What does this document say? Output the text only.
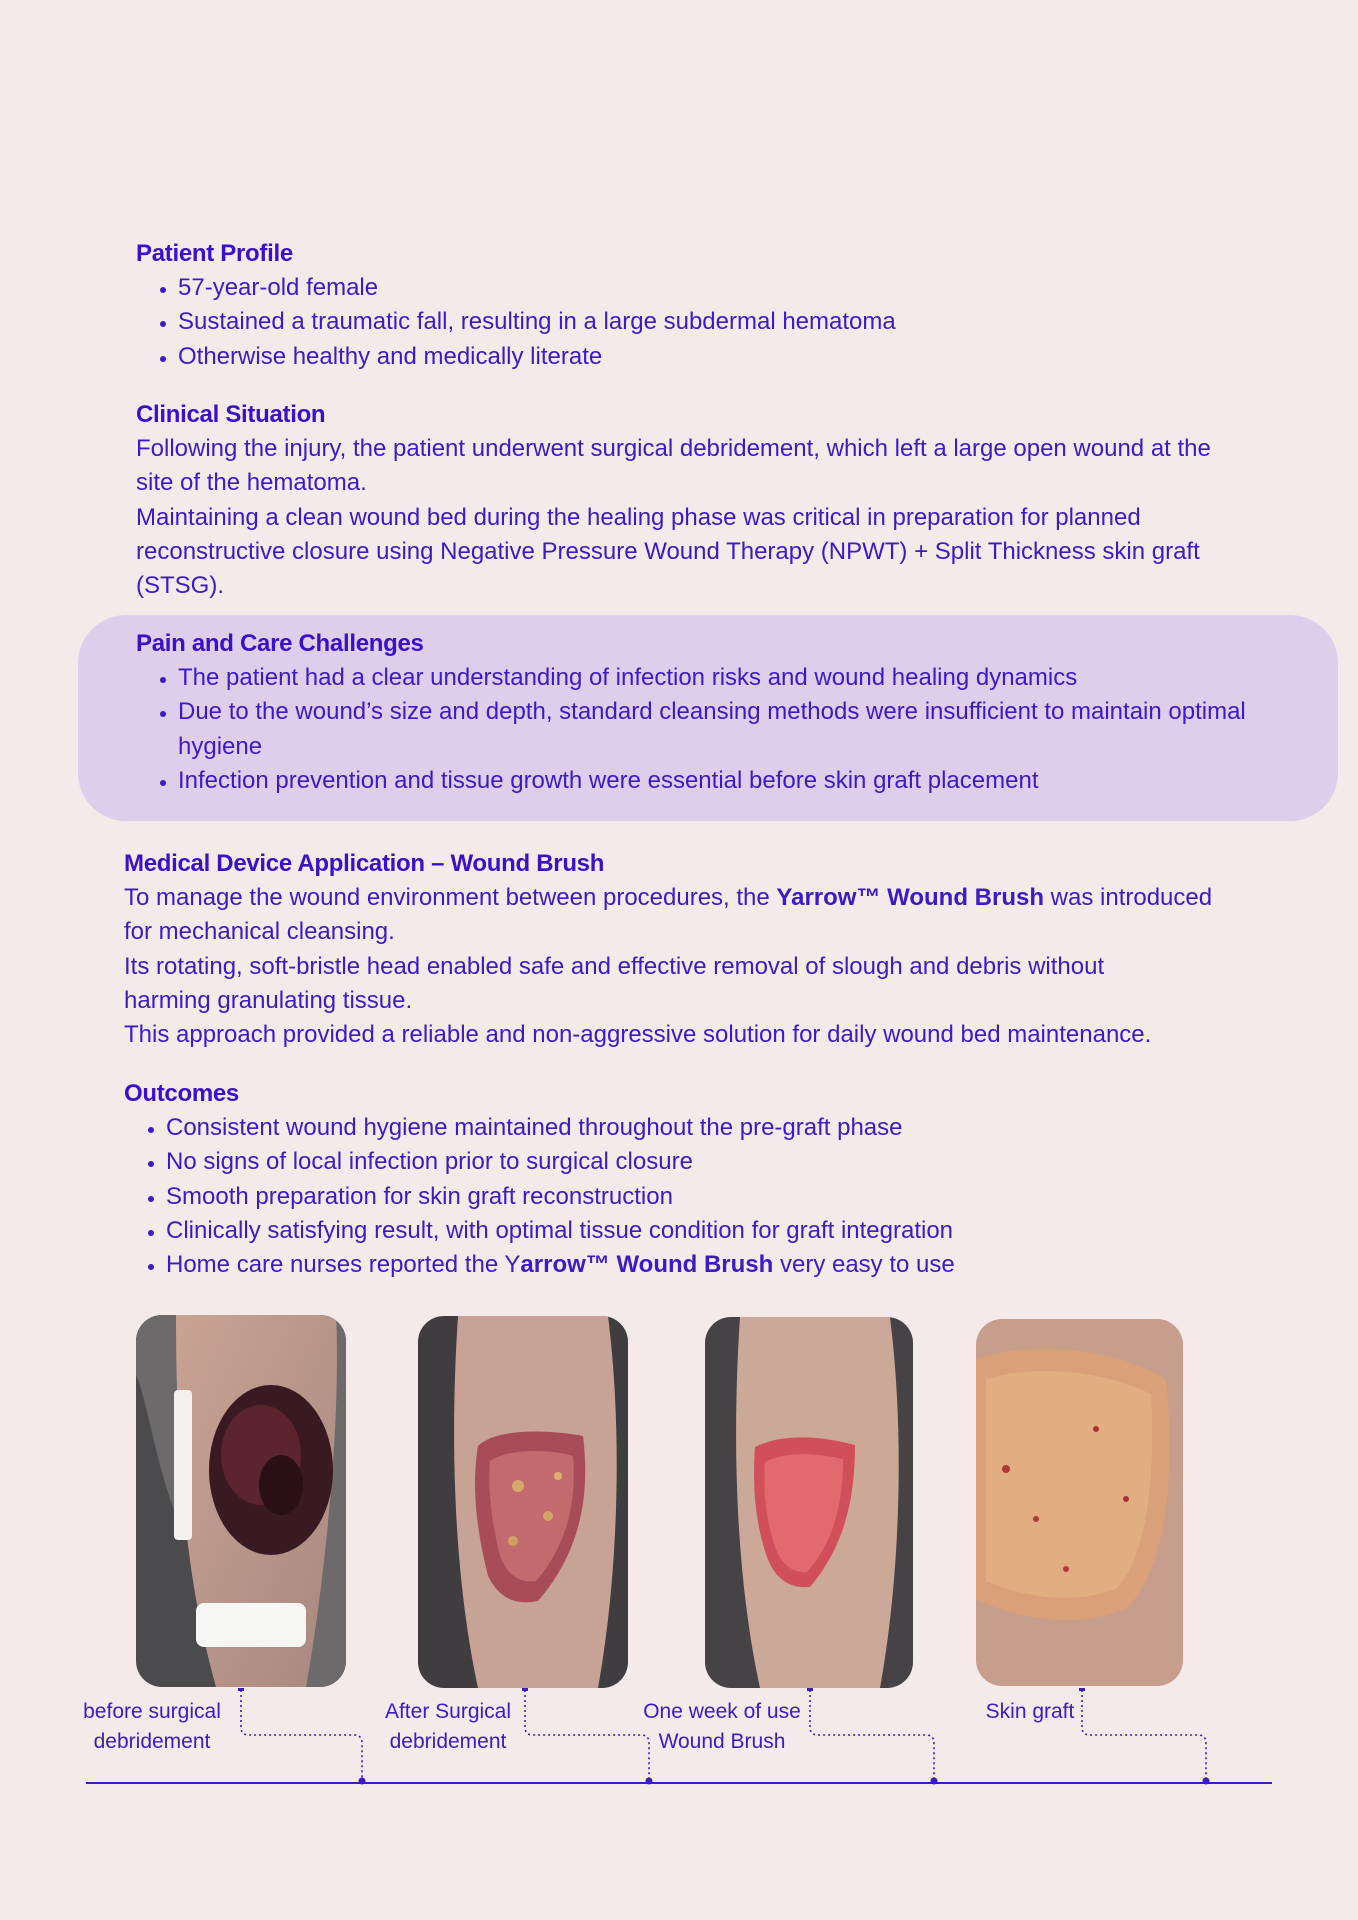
Patient Profile
• 57-year-old female
• Sustained a traumatic fall, resulting in a large subdermal hematoma
• Otherwise healthy and medically literate
Clinical Situation

Following the injury, the patient underwent surgical debridement, which left a large open wound at the site of the hematoma.

Maintaining a clean wound bed during the healing phase was critical in preparation for planned reconstructive closure using Negative Pressure Wound Therapy (NPWT) + Split Thickness skin graft (STSG).

Pain and Care Challenges
• The patient had a clear understanding of infection risks and wound healing dynamics
• Due to the wound’s size and depth, standard cleansing methods were insufficient to maintain optimal hygiene
• Infection prevention and tissue growth were essential before skin graft placement
Medical Device Application – Wound Brush

To manage the wound environment between procedures, the Yarrow™ Wound Brush was introduced for mechanical cleansing.

Its rotating, soft-bristle head enabled safe and effective removal of slough and debris without harming granulating tissue.

This approach provided a reliable and non-aggressive solution for daily wound bed maintenance.

Outcomes
• Consistent wound hygiene maintained throughout the pre-graft phase
• No signs of local infection prior to surgical closure
• Smooth preparation for skin graft reconstruction
• Clinically satisfying result, with optimal tissue condition for graft integration
• Home care nurses reported the Yarrow™ Wound Brush very easy to use
before surgical debridement
After Surgical debridement
One week of use Wound Brush
Skin graft
